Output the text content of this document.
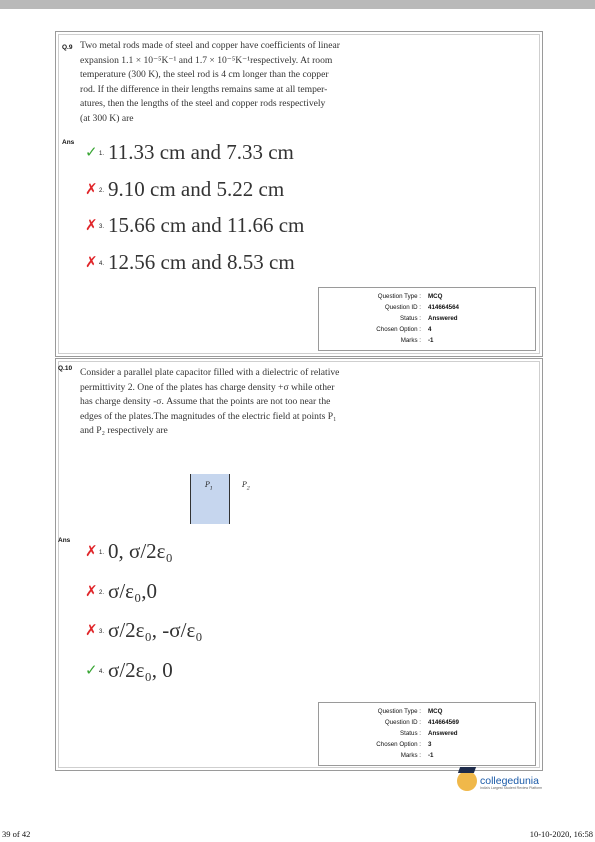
Q.9 Two metal rods made of steel and copper have coefficients of linear
expansion 1.1 × 10⁻⁵K⁻¹ and 1.7 × 10⁻⁵K⁻¹respectively. At room
temperature (300 K), the steel rod is 4 cm longer than the copper
rod. If the difference in their lengths remains same at all temper-
atures, then the lengths of the steel and copper rods respectively
(at 300 K) are
Ans ✓ 1. 11.33 cm and 7.33 cm
✗ 2. 9.10 cm and 5.22 cm
✗ 3. 15.66 cm and 11.66 cm
✗ 4. 12.56 cm and 8.53 cm
Question Type : MCQ
Question ID : 414664564
Status : Answered
Chosen Option : 4
Marks : -1
Q.10 Consider a parallel plate capacitor filled with a dielectric of relative
permittivity 2. One of the plates has charge density +σ while other
has charge density -σ. Assume that the points are not too near the
edges of the plates.The magnitudes of the electric field at points P₁
and P₂ respectively are
$P_1$	$P_2$
Ans
✗ 1. 0, σ/2ε₀
✗ 2. σ/ε₀,0
✗ 3. σ/2ε₀, -σ/ε₀
✓ 4. σ/2ε₀, 0
Question Type : MCQ
Question ID : 414664569
Status : Answered
Chosen Option : 3
Marks : -1
collegedunia
India's Largest Student Review Platform
39 of 42	10-10-2020, 16:58
